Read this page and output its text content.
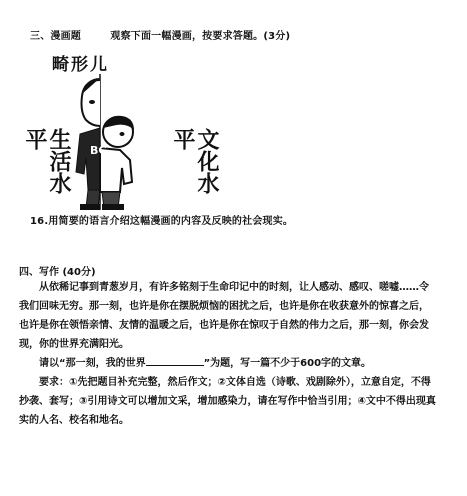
三、漫画题	观察下面一幅漫画，按要求答题。(3分)
畸形儿
生活水平	文化水平
BC
16.用简要的语言介绍这幅漫画的内容及反映的社会现实。
四、写作 (40分)

从依稀记事到青葱岁月，有许多铭刻于生命印记中的时刻，让人感动、感叹、嗟嘘……令我们回味无穷。那一刻，也许是你在摆脱烦恼的困扰之后，也许是你在收获意外的惊喜之后，也许是你在领悟亲情、友情的温暖之后，也许是你在惊叹于自然的伟力之后，那一刻，你会发现，你的世界充满阳光。

请以“那一刻，我的世界	”为题，写一篇不少于600字的文章。

要求：①先把题目补充完整，然后作文；②文体自选（诗歌、戏剧除外），立意自定，不得抄袭、套写；③引用诗文可以增加文采，增加感染力，请在写作中恰当引用；④文中不得出现真实的人名、校名和地名。
